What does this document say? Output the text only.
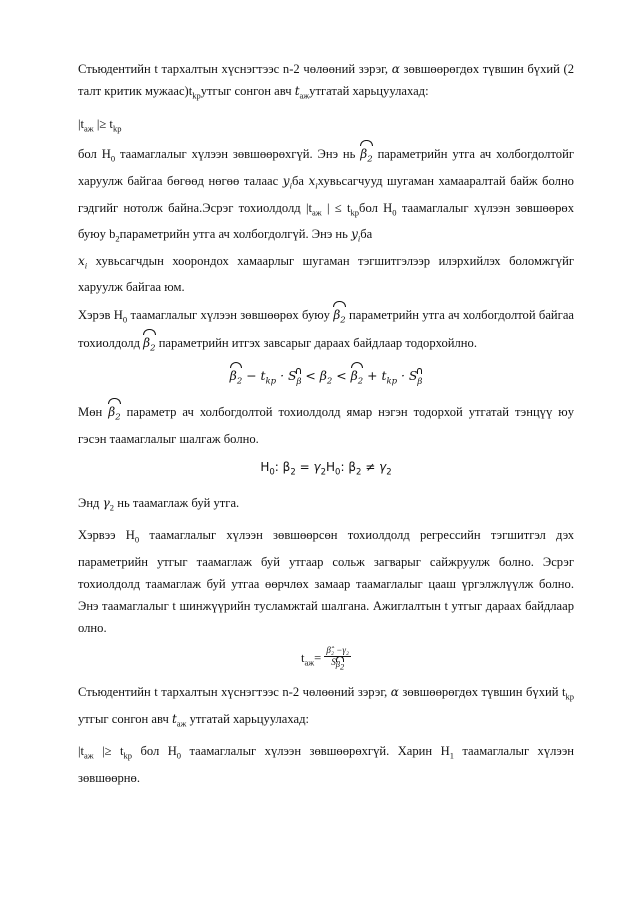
Стьюдентийн t тархалтын хүснэгтээс n-2 чөлөөний зэрэг, α зөвшөөрөгдөх түвшин бүхий (2 талт критик $мужаас)t_{kp}утгыг$ сонгон авч $t_{аж}утгатай$ харьцуулахад:

$|t_{аж}$ |≥ $t_{kp}$

бол $H_0$ таамаглалыг хүлээн зөвшөөрөхгүй. Энэ нь $\beta_2$ параметрийн утга ач холбогдолтойг харуулж байгаа бөгөөд нөгөө талаас $y_iба$ $x_iхувьсагчууд$ шугаман хамааралтай байж болно гэдгийг нотолж байна.Эсрэг тохиолдолд $|t_{аж}$ | ≤ $t_{kp}бол$ $H_0$ таамаглалыг хүлээн зөвшөөрөх буюу $b_2параметрийн$ утга ач холбогдолгүй. Энэ нь $y_iба$
$x_i$ хувьсагчдын хоорондох хамаарлыг шугаман тэгшитгэлээр илэрхийлэх боломжгүйг харуулж байгаа юм.

Хэрэв $H_0$ таамаглалыг хүлээн зөвшөөрөх буюу $\beta_2$ параметрийн утга ач холбогдолтой байгаа тохиолдолд $\beta_2$ параметрийн итгэх завсарыг дараах байдлаар тодорхойлно.

$\beta_2 - t_{kp} \cdot S_\beta < \beta_2 < \beta_2 + t_{kp} \cdot S_\beta$

Мөн $\beta_2$ параметр ач холбогдолтой тохиолдолд ямар нэгэн тодорхой утгатай тэнцүү юу гэсэн таамаглалыг шалгаж болно.

$H_0$: $\beta_2 = \gamma_2H_0$: $\beta_2 \ne \gamma_2$

Энд $\gamma_2$ нь таамаглаж буй утга.

Хэрвээ $H_0$ таамаглалыг хүлээн зөвшөөрсөн тохиолдолд регрессийн тэгшитгэл дэх параметрийн утгыг таамаглаж буй утгаар сольж загварыг сайжруулж болно. Эсрэг тохиолдолд таамаглаж буй утгаа өөрчлөх замаар таамаглалыг цааш үргэлжлүүлж болно. Энэ таамаглалыг t шинжүүрийн тусламжтай шалгана. Ажиглалтын t утгыг дараах байдлаар олно.

$t_{аж}= \frac{\text{β̂₂ −γ₂}}{S_{\beta_2}}$

Стьюдентийн t тархалтын хүснэгтээс n-2 чөлөөний зэрэг, α зөвшөөрөгдөх түвшин бүхий $t_{kp}$ утгыг сонгон авч $t_{аж}$ утгатай харьцуулахад:

$|t_{аж}$ |≥ $t_{kp}$ бол $H_0$ таамаглалыг хүлээн зөвшөөрөхгүй. Харин $H_1$ таамаглалыг хүлээн зөвшөөрнө.
